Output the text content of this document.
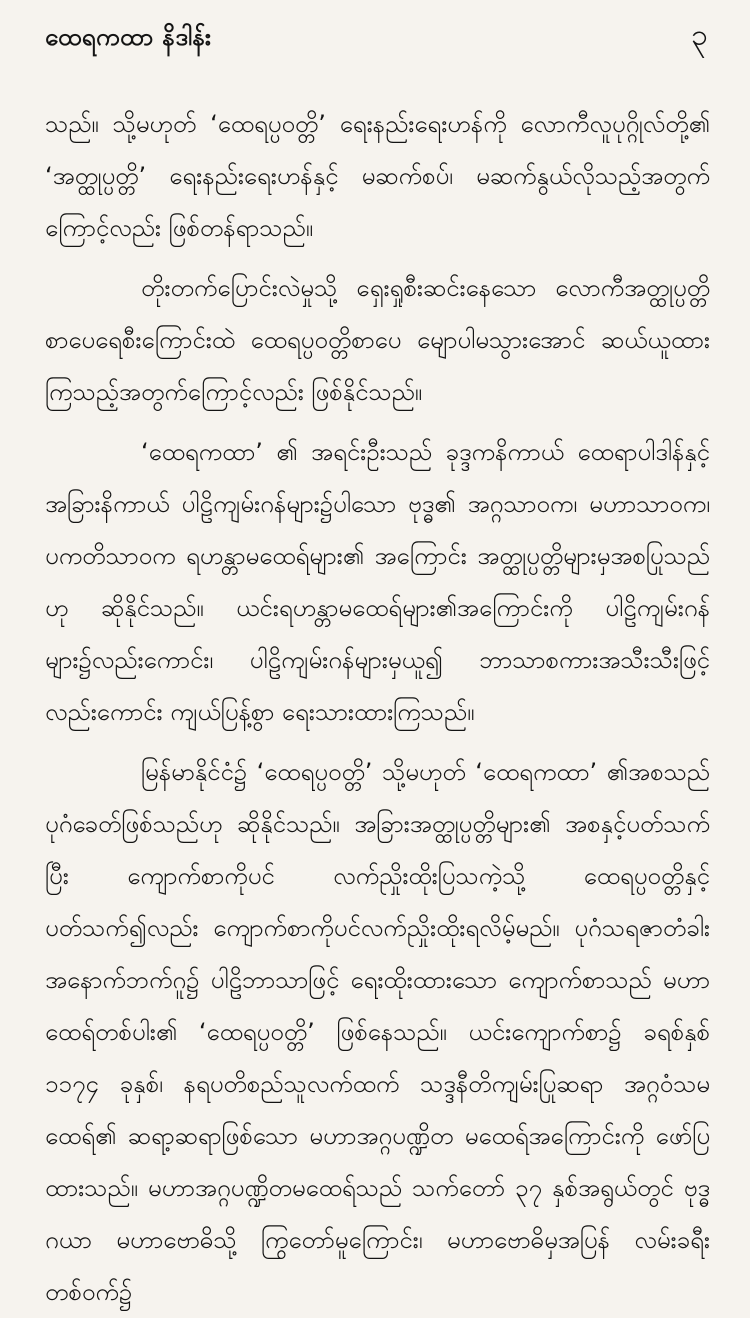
ထေရကထာ နိဒါန်း	၃

သည်။ သို့မဟုတ် ‘ထေရပ္ပဝတ္တိ’ ရေးနည်းရေးဟန်ကို လောကီလူပုဂ္ဂိုလ်တို့၏ ‘အတ္ထုပ္ပတ္တိ’ ရေးနည်းရေးဟန်နှင့် မဆက်စပ်၊ မဆက်နွယ်လိုသည့်အတွက်ကြောင့်လည်း ဖြစ်တန်ရာသည်။

တိုးတက်ပြောင်းလဲမှုသို့ ရှေးရှုစီးဆင်းနေသော လောကီအတ္ထုပ္ပတ္တိစာပေရေစီးကြောင်းထဲ ထေရပ္ပဝတ္တိစာပေ မျောပါမသွားအောင် ဆယ်ယူထားကြသည့်အတွက်ကြောင့်လည်း ဖြစ်နိုင်သည်။

‘ထေရကထာ’ ၏ အရင်းဦးသည် ခုဒ္ဒကနိကာယ် ထေရာပါဒါန်နှင့် အခြားနိကာယ် ပါဠိကျမ်းဂန်များ၌ပါသော ဗုဒ္ဓ၏ အဂ္ဂသာဝက၊ မဟာသာဝက၊ ပကတိသာဝက ရဟန္တာမထေရ်များ၏ အကြောင်း အတ္ထုပ္ပတ္တိများမှအစပြုသည်ဟု ဆိုနိုင်သည်။ ယင်းရဟန္တာမထေရ်များ၏အကြောင်းကို ပါဠိကျမ်းဂန်များ၌လည်းကောင်း၊ ပါဠိကျမ်းဂန်များမှယူ၍ ဘာသာစကားအသီးသီးဖြင့်လည်းကောင်း ကျယ်ပြန့်စွာ ရေးသားထားကြသည်။

မြန်မာနိုင်ငံ၌ ‘ထေရပ္ပဝတ္တိ’ သို့မဟုတ် ‘ထေရကထာ’ ၏အစသည် ပုဂံခေတ်ဖြစ်သည်ဟု ဆိုနိုင်သည်။ အခြားအတ္ထုပ္ပတ္တိများ၏ အစနှင့်ပတ်သက်ပြီး ကျောက်စာကိုပင် လက်ညှိုးထိုးပြသကဲ့သို့ ထေရပ္ပဝတ္တိနှင့်ပတ်သက်၍လည်း ကျောက်စာကိုပင်လက်ညှိုးထိုးရလိမ့်မည်။ ပုဂံသရဇာတံခါး အနောက်ဘက်ဂူ၌ ပါဠိဘာသာဖြင့် ရေးထိုးထားသော ကျောက်စာသည် မဟာထေရ်တစ်ပါး၏ ‘ထေရပ္ပဝတ္တိ’ ဖြစ်နေသည်။ ယင်းကျောက်စာ၌ ခရစ်နှစ် ၁၁၇၄ ခုနှစ်၊ နရပတိစည်သူလက်ထက် သဒ္ဒနီတိကျမ်းပြုဆရာ အဂ္ဂဝံသမထေရ်၏ ဆရာ့ဆရာဖြစ်သော မဟာအဂ္ဂပဏ္ဍိတ မထေရ်အကြောင်းကို ဖော်ပြထားသည်။ မဟာအဂ္ဂပဏ္ဍိတမထေရ်သည် သက်တော် ၃၇ နှစ်အရွယ်တွင် ဗုဒ္ဓဂယာ မဟာဗောဓိသို့ ကြွတော်မူကြောင်း၊ မဟာဗောဓိမှအပြန် လမ်းခရီးတစ်ဝက်၌
